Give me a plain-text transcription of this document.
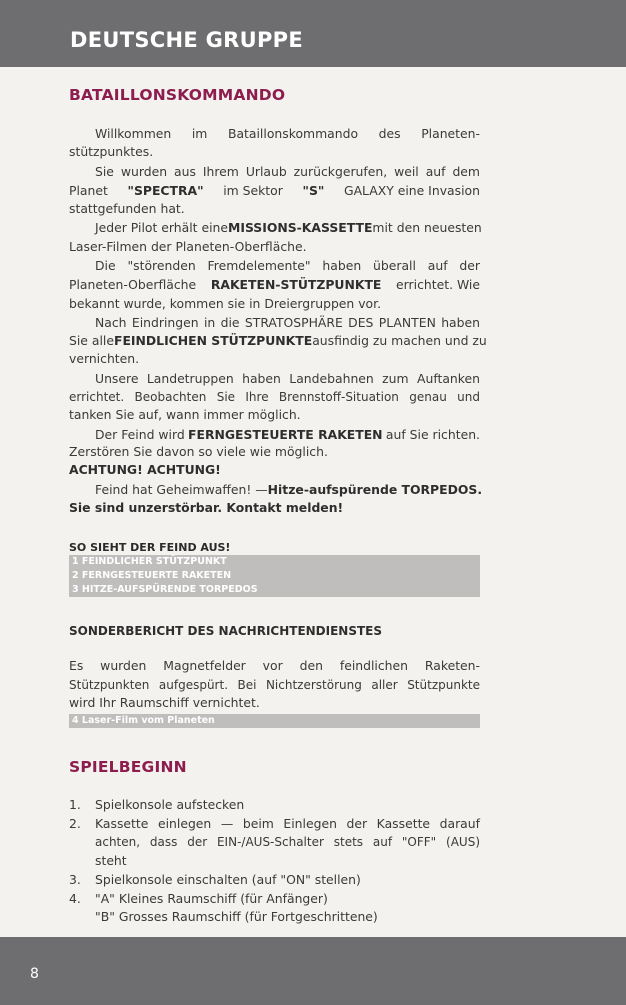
DEUTSCHE GRUPPE
BATAILLONSKOMMANDO
Willkommen im Bataillonskommando des Planeten-
stützpunktes.
Sie wurden aus Ihrem Urlaub zurückgerufen, weil auf dem
Planet "SPECTRA" im Sektor "S" GALAXY eine Invasion
stattgefunden hat.
Jeder Pilot erhält eine MISSIONS-KASSETTE mit den neuesten
Laser-Filmen der Planeten-Oberfläche.
Die "störenden Fremdelemente" haben überall auf der
Planeten-Oberfläche RAKETEN-STÜTZPUNKTE errichtet. Wie
bekannt wurde, kommen sie in Dreiergruppen vor.
Nach Eindringen in die STRATOSPHÄRE DES PLANTEN haben
Sie alle FEINDLICHEN STÜTZPUNKTE ausfindig zu machen und zu
vernichten.
Unsere Landetruppen haben Landebahnen zum Auftanken
errichtet. Beobachten Sie Ihre Brennstoff-Situation genau und
tanken Sie auf, wann immer möglich.
Der Feind wird FERNGESTEUERTE RAKETEN auf Sie richten.
Zerstören Sie davon so viele wie möglich.
ACHTUNG! ACHTUNG!
Feind hat Geheimwaffen! — Hitze-aufspürende TORPEDOS.
Sie sind unzerstörbar. Kontakt melden!
SO SIEHT DER FEIND AUS!
1 FEINDLICHER STÜTZPUNKT
2 FERNGESTEUERTE RAKETEN
3 HITZE-AUFSPÜRENDE TORPEDOS
SONDERBERICHT DES NACHRICHTENDIENSTES
Es wurden Magnetfelder vor den feindlichen Raketen-
Stützpunkten aufgespürt. Bei Nichtzerstörung aller Stützpunkte
wird Ihr Raumschiff vernichtet.
4 Laser-Film vom Planeten
SPIELBEGINN
1. Spielkonsole aufstecken
2. Kassette einlegen — beim Einlegen der Kassette darauf
achten, dass der EIN-/AUS-Schalter stets auf "OFF" (AUS)
steht
3. Spielkonsole einschalten (auf "ON" stellen)
4. "A" Kleines Raumschiff (für Anfänger)
"B" Grosses Raumschiff (für Fortgeschrittene)
8
